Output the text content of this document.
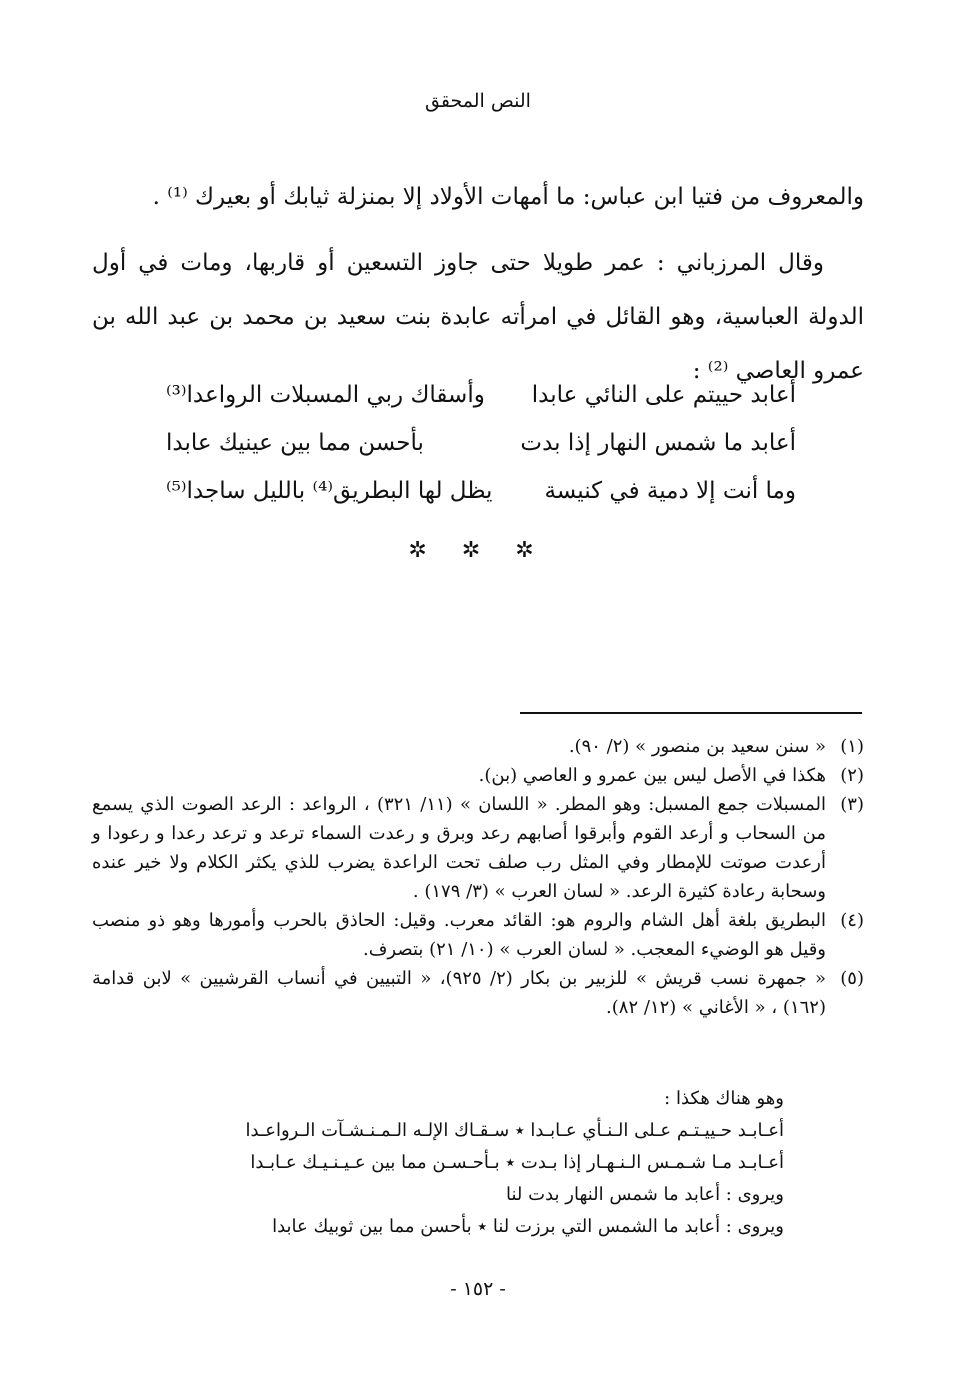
النص المحقق

والمعروف من فتيا ابن عباس: ما أمهات الأولاد إلا بمنزلة ثيابك أو بعيرك ⁽¹⁾ .

وقال المرزباني : عمر طويلا حتى جاوز التسعين أو قاربها، ومات في أول الدولة العباسية، وهو القائل في امرأته عابدة بنت سعيد بن محمد بن عبد الله بن عمرو العاصي ⁽²⁾ :

أعابد حييتم على النائي عابدا
وأسقاك ربي المسبلات الرواعدا⁽³⁾
أعابد ما شمس النهار إذا بدت
بأحسن مما بين عينيك عابدا
وما أنت إلا دمية في كنيسة
يظل لها البطريق⁽⁴⁾ بالليل ساجدا⁽⁵⁾
✲ ✲ ✲

(١)
« سنن سعيد بن منصور » (٢/ ٩٠).

(٢)
هكذا في الأصل ليس بين عمرو و العاصي (بن).

(٣)
المسبلات جمع المسبل: وهو المطر. « اللسان » (١١/ ٣٢١) ، الرواعد : الرعد الصوت الذي يسمع من السحاب و أرعد القوم وأبرقوا أصابهم رعد وبرق و رعدت السماء ترعد و ترعد رعدا و رعودا و أرعدت صوتت للإمطار وفي المثل رب صلف تحت الراعدة يضرب للذي يكثر الكلام ولا خير عنده وسحابة رعادة كثيرة الرعد. « لسان العرب » (٣/ ١٧٩) .

(٤)
البطريق بلغة أهل الشام والروم هو: القائد معرب. وقيل: الحاذق بالحرب وأمورها وهو ذو منصب وقيل هو الوضيء المعجب. « لسان العرب » (١٠/ ٢١) بتصرف.

(٥)
« جمهرة نسب قريش » للزبير بن بكار (٢/ ٩٢٥)، « التبيين في أنساب القرشيين » لابن قدامة (١٦٢) ، « الأغاني » (١٢/ ٨٢).

وهو هناك هكذا :
أعـابـد حـييـتـم عـلى الـنـأي عـابـدا ٭ سـقـاك الإلـه الـمـنـشـآت الـرواعـدا
أعـابـد مـا شـمـس الـنـهـار إذا بـدت ٭ بـأحـسـن مما بين عـيـنـيـك عـابـدا
ويروى : أعابد ما شمس النهار بدت لنا
ويروى : أعابد ما الشمس التي برزت لنا ٭ بأحسن مما بين ثوبيك عابدا
- ١٥٢ -
